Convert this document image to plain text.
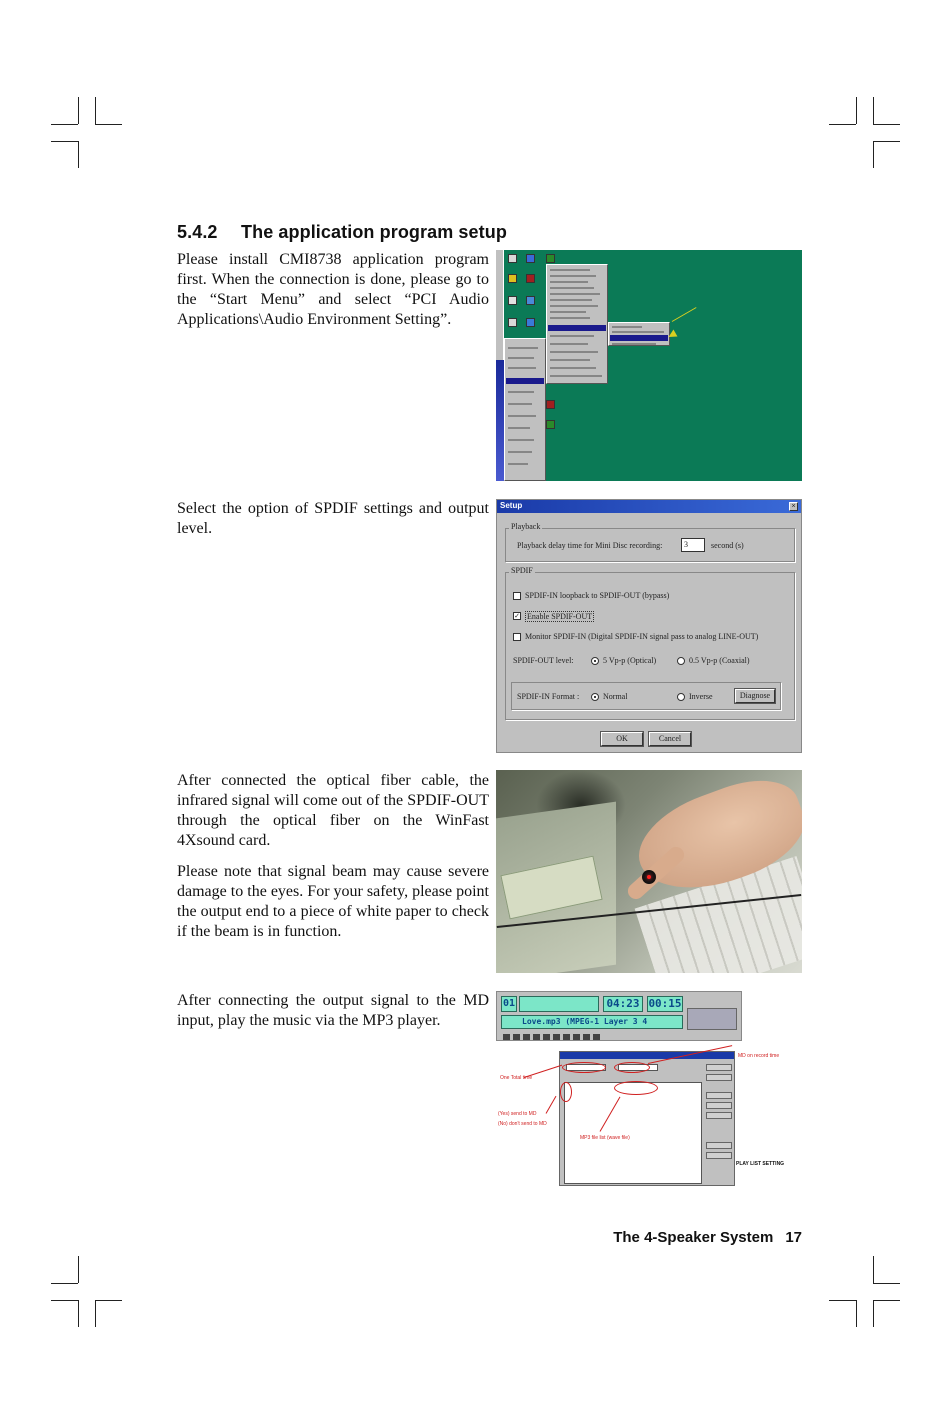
5.4.2 The application program setup

Please install CMI8738 application program first. When the connection is done, please go to the “Start Menu” and select “PCI Audio Applications\Audio Environment Setting”.

Select the option of SPDIF settings and output level.

After connected the optical fiber cable, the infrared signal will come out of the SPDIF-OUT through the optical fiber on the WinFast 4Xsound card.

Please note that signal beam may cause severe damage to the eyes. For your safety, please point the output end to a piece of white paper to check if the beam is in function.

After connecting the output signal to the MD input, play the music via the MP3 player.

Setup	×
Playback
Playback delay time for Mini Disc recording:	3	second (s)
SPDIF
SPDIF-IN loopback to SPDIF-OUT (bypass)
✓ Enable SPDIF-OUT
Monitor SPDIF-IN (Digital SPDIF-IN signal pass to analog LINE-OUT)
SPDIF-OUT level:	5 Vp-p (Optical)	0.5 Vp-p (Coaxial)
SPDIF-IN Format :	Normal	Inverse	Diagnose
OK	Cancel
01	04:23 00:15
Love.mp3 (MPEG-1 Layer 3 4
MD on record time
One Total time
(Yes) send to MD
(No) don't send to MD
MP3 file list (wave file)
PLAY LIST SETTING
The 4-Speaker System 17
